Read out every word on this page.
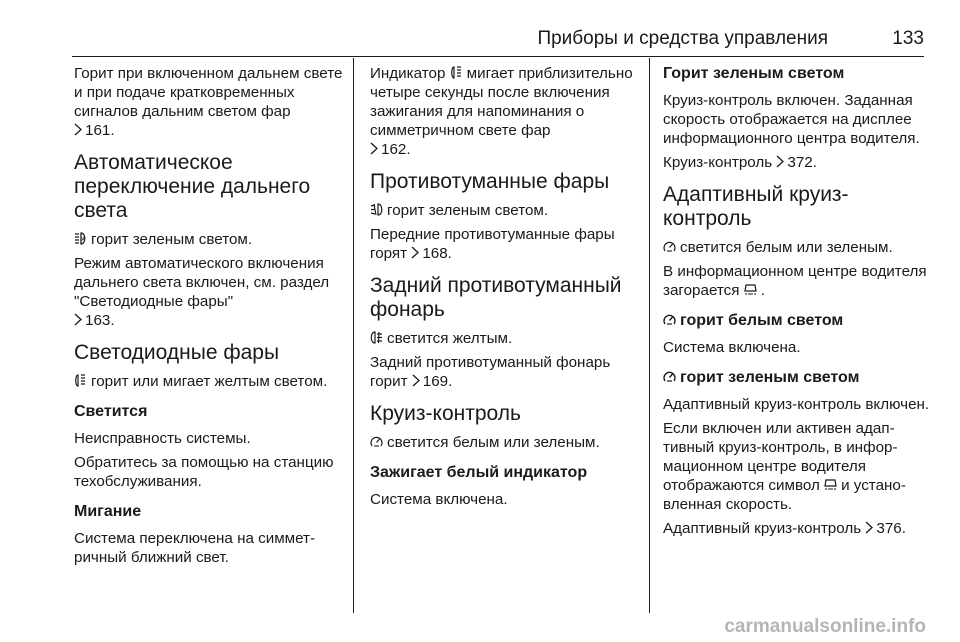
Приборы и средства управления	133

Горит при включенном дальнем свете и при подаче кратковременных сигналов дальним светом фар

161.

Автоматическое переключение дальнего света

A горит зеленым светом.

Режим автоматического включения дальнего света включен, см. раздел "Светодиодные фары"

163.

Светодиодные фары

горит или мигает желтым светом.

Светится

Неисправность системы.

Обратитесь за помощью на станцию техобслуживания.

Мигание

Система переключена на симметричный ближний свет.

Индикатор мигает приблизительно четыре секунды после включения зажигания для напоминания о симметричном свете фар

162.

Противотуманные фары

горит зеленым светом.

Передние противотуманные фары горят 168.

Задний противотуманный фонарь

светится желтым.

Задний противотуманный фонарь горит 169.

Круиз-контроль

светится белым или зеленым.

Зажигает белый индикатор

Система включена.

Горит зеленым светом

Круиз-контроль включен. Заданная скорость отображается на дисплее информационного центра водителя.

Круиз-контроль 372.

Адаптивный круиз-контроль

светится белым или зеленым.

В информационном центре водителя загорается .

горит белым светом

Система включена.

горит зеленым светом

Адаптивный круиз-контроль включен.

Если включен или активен адаптивный круиз-контроль, в информационном центре водителя отображаются символ и установленная скорость.

Адаптивный круиз-контроль 376.

carmanualsonline.info
